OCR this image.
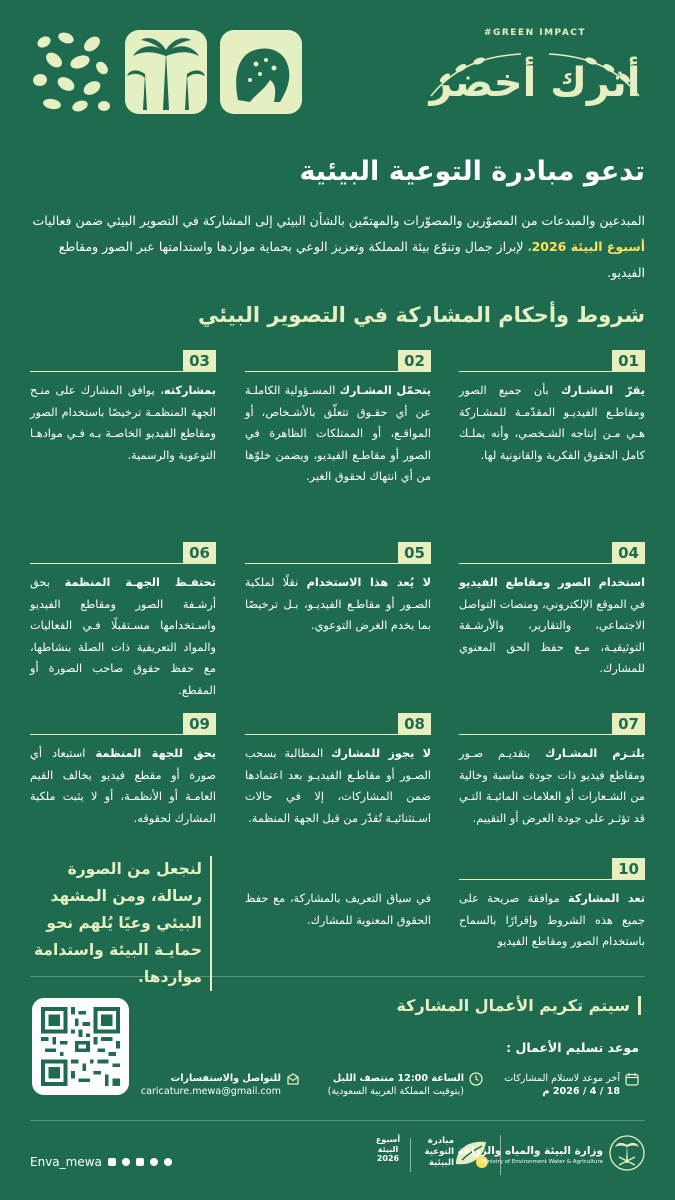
#GREEN IMPACT
أثرك أخضر
تدعو مبادرة التوعية البيئية
المبدعين والمبدعات من المصوّرين والمصوّرات والمهتمّين بالشأن البيئي إلى المشاركة في التصوير البيئي ضمن فعاليات أسبوع البيئة 2026، لإبراز جمال وتنوّع بيئة المملكة وتعزيز الوعي بحماية مواردها واستدامتها عبر الصور ومقاطع الفيديو.
شروط وأحكام المشاركة في التصوير البيئي
01
يقرّ المشـارك بأن جميع الصور ومقاطـع الفيديـو المقدّمـة للمشـاركة هـي مـن إنتاجه الشـخصي، وأنه يملـك كامل الحقوق الفكرية والقانونية لها.
02
يتحمّل المشـارك المسـؤولية الكاملـة عن أي حقـوق تتعلّق بالأشـخاص، أو المواقـع، أو الممتلكات الظاهرة في الصور أو مقاطـع الفيديو، ويضمن خلوّها من أي انتهاك لحقوق الغير.
03
بمشاركته، يوافق المشارك على منـح الجهة المنظمـة ترخيصًا باستخدام الصور ومقاطع الفيديو الخاصـة بـه فـي موادهـا التوعوية والرسمية.
04
استخدام الصور ومقاطع الفيديو في الموقع الإلكتروني، ومنصات التواصل الاجتماعي، والتقارير، والأرشـفة التوثيقيـة، مـع حفظ الحق المعنوي للمشارك.
05
لا يُعد هذا الاستخدام نقلًا لملكية الصـور أو مقاطـع الفيديـو، بـل ترخيصًا بما يخدم الغرض التوعوي.
06
تحتفـظ الجهـة المنظمة بحق أرشـفة الصور ومقاطع الفيديو واسـتخدامها مسـتقبلًا فـي الفعاليات والمواد التعريفية ذات الصلة بنشاطها، مع حفظ حقوق صاحب الصورة أو المقطع.
07
يلتـزم المشـارك بتقديـم صـور ومقاطع فيديو ذات جودة مناسبة وخالية من الشـعارات أو العلامات المائيـة التـي قد تؤثـر على جودة العرض أو التقييم.
08
لا يجوز للمشارك المطالبة بسحب الصـور أو مقاطـع الفيديـو بعد اعتمادها ضمن المشاركات، إلا في حالات اسـتثنائيـة تُقدّر من قبل الجهة المنظمة.
09
يحق للجهة المنظمة استبعاد أي صورة أو مقطع فيديو يخالف القيم العامـة أو الأنظمـة، أو لا يثبت ملكية المشارك لحقوقه.
10
تعد المشاركة موافقة صريحة على جميع هذه الشروط وإقرارًا بالسماح باستخدام الصور ومقاطع الفيديو
في سياق التعريف بالمشاركة، مع حفظ الحقوق المعنوية للمشارك.
لنجعل من الصورة رسالة، ومن المشهد البيئي وعيًا يُلهم نحو حمايـة البيئة واستدامة مواردها.
سيتم تكريم الأعمال المشاركة
موعد تسليم الأعمال :
آخر موعد لاستلام المشاركات
18 / 4 / 2026 م
الساعة 12:00 منتصف الليل
(بتوقيت المملكة العربية السعودية)
للتواصل والاستفسارات
caricature.mewa@gmail.com
Enva_mewa
أسبوع
البيئة
2026
مبادرة التوعية البيئية
وزارة البيئة والمياه والزراعة
Ministry of Environment Water & Agriculture
